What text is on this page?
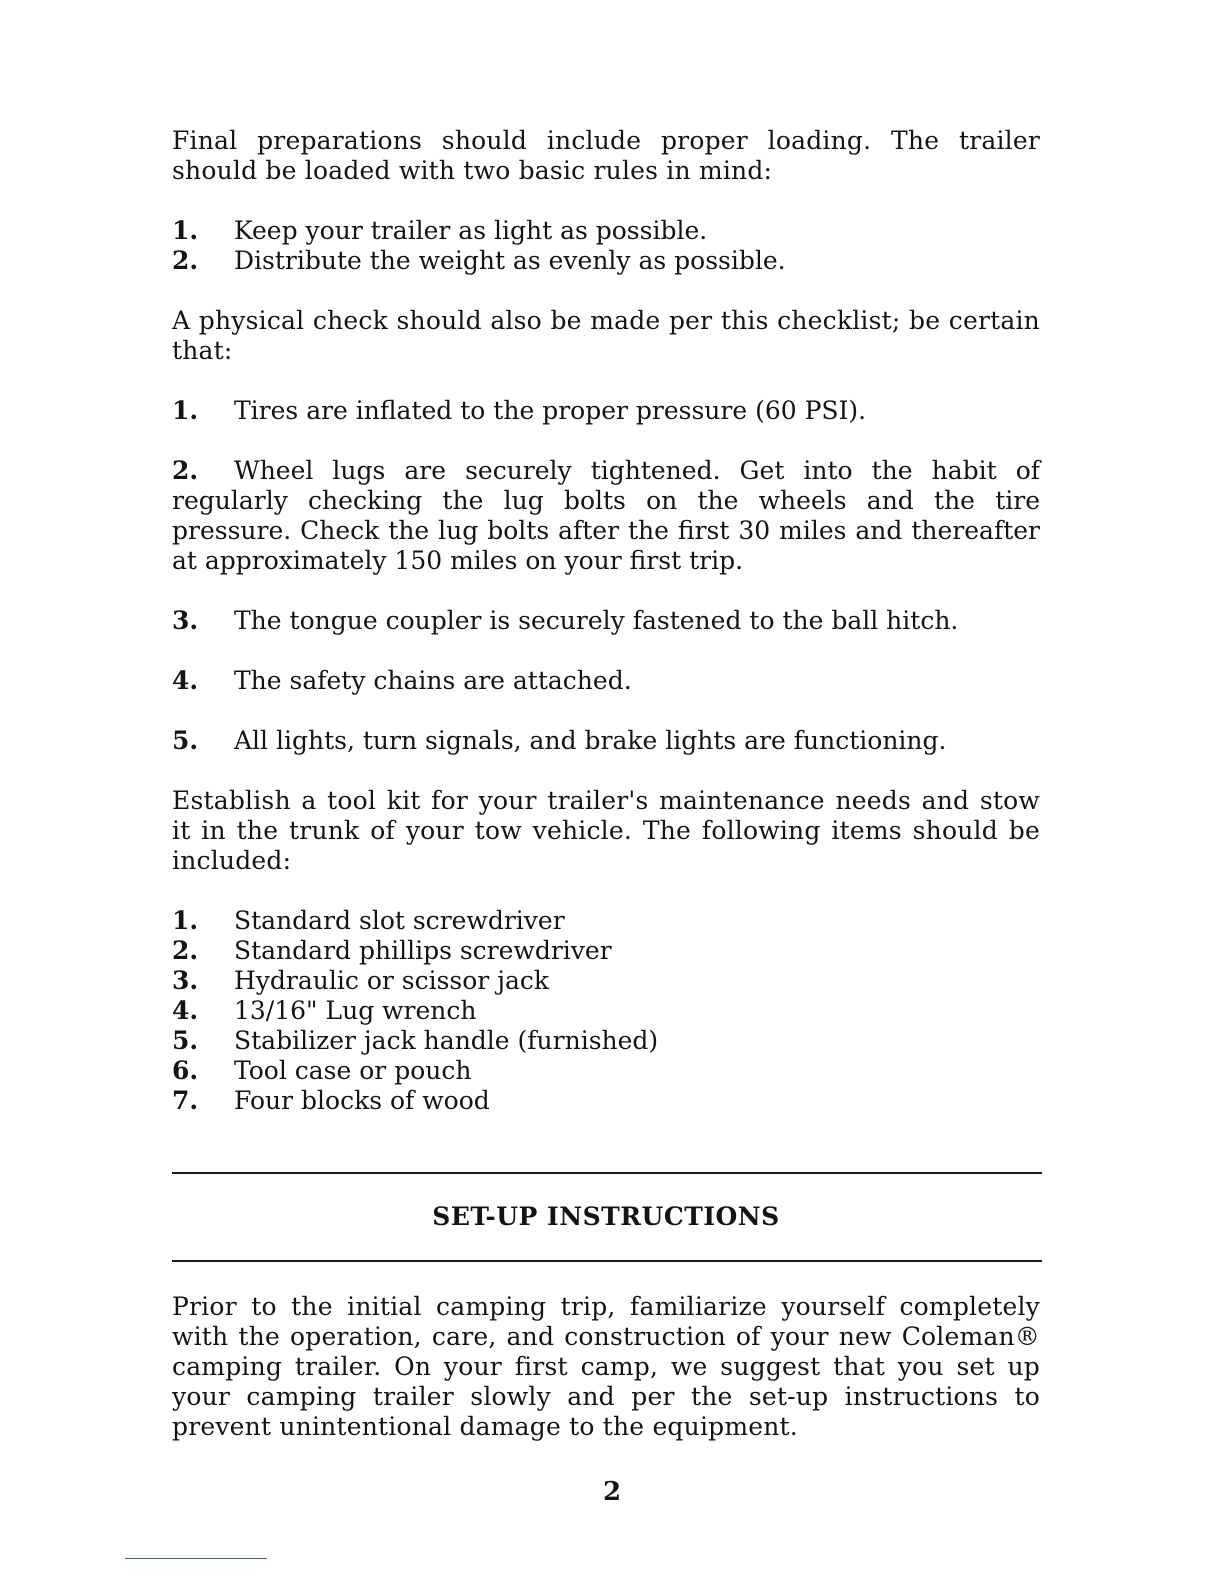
Final preparations should include proper loading. The trailer should be loaded with two basic rules in mind:

1.	Keep your trailer as light as possible.
2.	Distribute the weight as evenly as possible.

A physical check should also be made per this checklist; be certain that:

1. Tires are inflated to the proper pressure (60 PSI).

2. Wheel lugs are securely tightened. Get into the habit of regularly checking the lug bolts on the wheels and the tire pressure. Check the lug bolts after the first 30 miles and thereafter at approximately 150 miles on your first trip.

3. The tongue coupler is securely fastened to the ball hitch.

4. The safety chains are attached.

5. All lights, turn signals, and brake lights are functioning.

Establish a tool kit for your trailer's maintenance needs and stow it in the trunk of your tow vehicle. The following items should be included:

1.	Standard slot screwdriver
2.	Standard phillips screwdriver
3.	Hydraulic or scissor jack
4.	13/16" Lug wrench
5.	Stabilizer jack handle (furnished)
6.	Tool case or pouch
7.	Four blocks of wood
SET-UP INSTRUCTIONS

Prior to the initial camping trip, familiarize yourself completely with the operation, care, and construction of your new Coleman® camping trailer. On your first camp, we suggest that you set up your camping trailer slowly and per the set-up instructions to prevent unintentional damage to the equipment.

2
